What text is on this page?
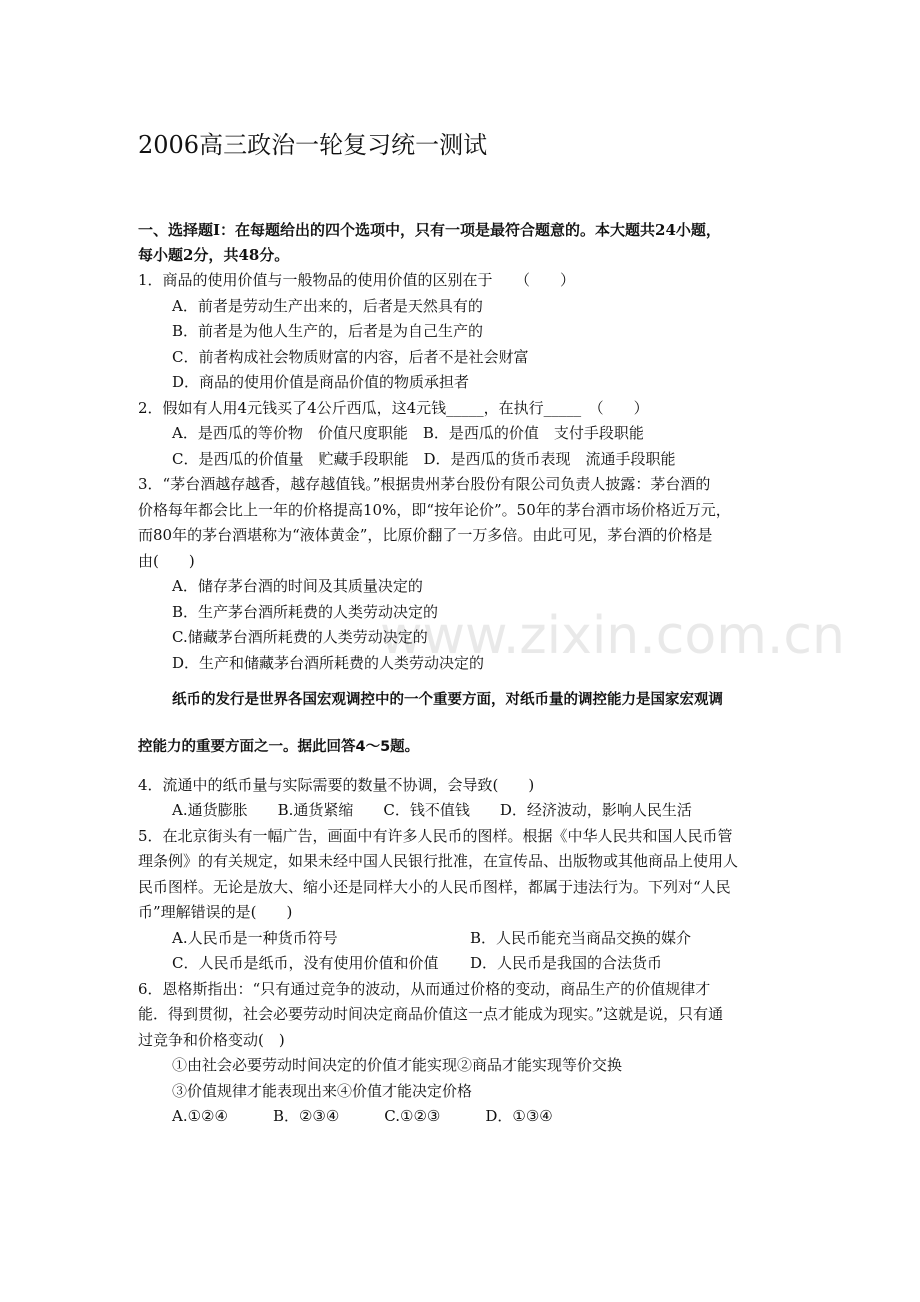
www.zixin.com.cn
2006高三政治一轮复习统一测试
一、选择题Ⅰ：在每题给出的四个选项中，只有一项是最符合题意的。本大题共24小题，
每小题2分，共48分。
1．商品的使用价值与一般物品的使用价值的区别在于　　（　　）
A．前者是劳动生产出来的，后者是天然具有的
B．前者是为他人生产的，后者是为自己生产的
C．前者构成社会物质财富的内容，后者不是社会财富
D．商品的使用价值是商品价值的物质承担者
2．假如有人用4元钱买了4公斤西瓜，这4元钱_____，在执行_____　（　　）
A．是西瓜的等价物　价值尺度职能　B．是西瓜的价值　支付手段职能
C．是西瓜的价值量　贮藏手段职能　D．是西瓜的货币表现　流通手段职能
3．“茅台酒越存越香，越存越值钱。”根据贵州茅台股份有限公司负责人披露：茅台酒的
价格每年都会比上一年的价格提高10%，即“按年论价”。50年的茅台酒市场价格近万元，
而80年的茅台酒堪称为“液体黄金”，比原价翻了一万多倍。由此可见，茅台酒的价格是
由(　　)
A．储存茅台酒的时间及其质量决定的
B．生产茅台酒所耗费的人类劳动决定的
C.储藏茅台酒所耗费的人类劳动决定的
D．生产和储藏茅台酒所耗费的人类劳动决定的
纸币的发行是世界各国宏观调控中的一个重要方面，对纸币量的调控能力是国家宏观调
控能力的重要方面之一。据此回答4～5题。
4．流通中的纸币量与实际需要的数量不协调，会导致(　　)
A.通货膨胀　　B.通货紧缩　　C．钱不值钱　　D．经济波动，影响人民生活
5．在北京街头有一幅广告，画面中有许多人民币的图样。根据《中华人民共和国人民币管
理条例》的有关规定，如果未经中国人民银行批准，在宣传品、出版物或其他商品上使用人
民币图样。无论是放大、缩小还是同样大小的人民币图样，都属于违法行为。下列对“人民
币”理解错误的是(　　)
A.人民币是一种货币符号	B．人民币能充当商品交换的媒介
C．人民币是纸币，没有使用价值和价值 D．人民币是我国的合法货币
6．恩格斯指出：“只有通过竞争的波动，从而通过价格的变动，商品生产的价值规律才
能．得到贯彻，社会必要劳动时间决定商品价值这一点才能成为现实。”这就是说，只有通
过竞争和价格变动(　)
①由社会必要劳动时间决定的价值才能实现②商品才能实现等价交换
③价值规律才能表现出来④价值才能决定价格
A.①②④　　　B．②③④　　　C.①②③　　　D．①③④
